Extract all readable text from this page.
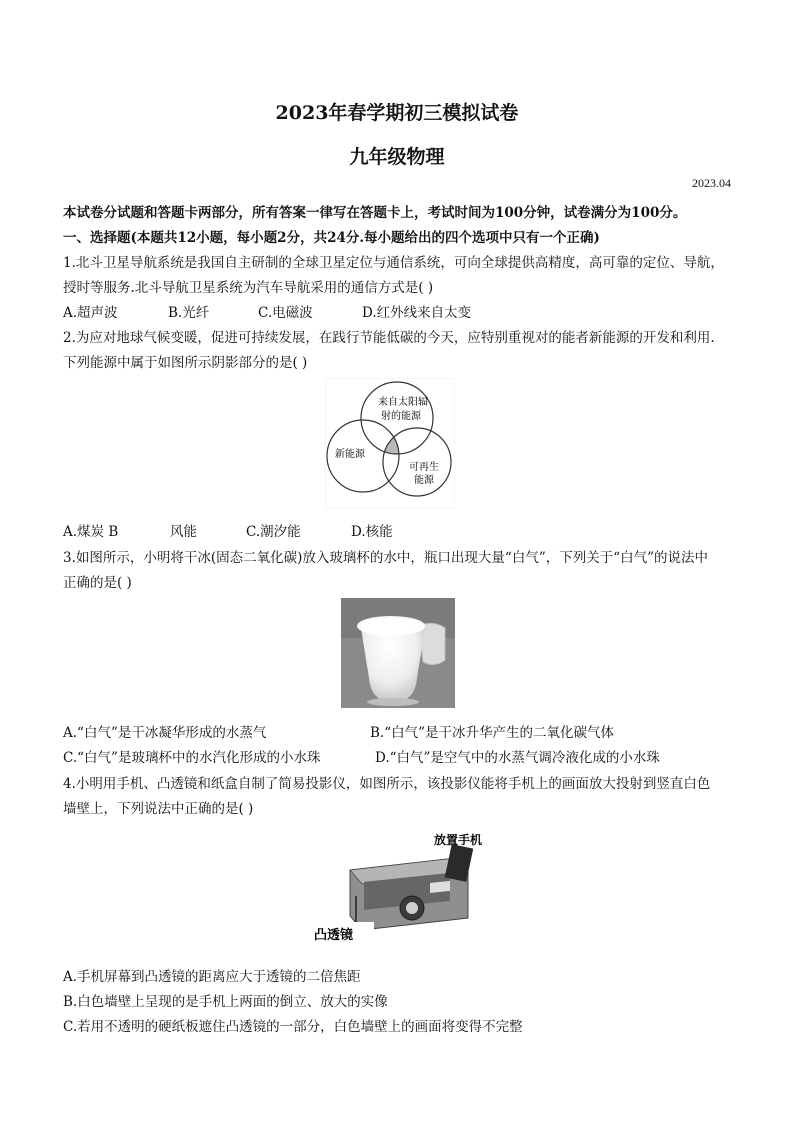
2023年春学期初三模拟试卷
九年级物理
2023.04
本试卷分试题和答题卡两部分，所有答案一律写在答题卡上，考试时间为100分钟，试卷满分为100分。
一、选择题(本题共12小题，每小题2分，共24分.每小题给出的四个选项中只有一个正确)
1.北斗卫星导航系统是我国自主研制的全球卫星定位与通信系统，可向全球提供高精度，高可靠的定位、导航，
授时等服务.北斗导航卫星系统为汽车导航采用的通信方式是( )
A.超声波	B.光纤	C.电磁波	D.红外线来自太变
2.为应对地球气候变暖，促进可持续发展，在践行节能低碳的今天，应特别重视对的能者新能源的开发和利用.
下列能源中属于如图所示阴影部分的是( )
来自太阳辐
射的能源
新能源
可再生
能源
A.煤炭 B	风能	C.潮汐能	D.核能
3.如图所示，小明将干冰(固态二氧化碳)放入玻璃杯的水中，瓶口出现大量“白气”，下列关于“白气”的说法中
正确的是( )
A.“白气”是干冰凝华形成的水蒸气	B.“白气”是干冰升华产生的二氧化碳气体
C.“白气”是玻璃杯中的水汽化形成的小水珠	D.“白气”是空气中的水蒸气调冷液化成的小水珠
4.小明用手机、凸透镜和纸盒自制了简易投影仪，如图所示，该投影仪能将手机上的画面放大投射到竖直白色
墙壁上，下列说法中正确的是( )
凸透镜
放置手机
A.手机屏幕到凸透镜的距离应大于透镜的二倍焦距
B.白色墙壁上呈现的是手机上两面的倒立、放大的实像
C.若用不透明的硬纸板遮住凸透镜的一部分，白色墙壁上的画面将变得不完整
